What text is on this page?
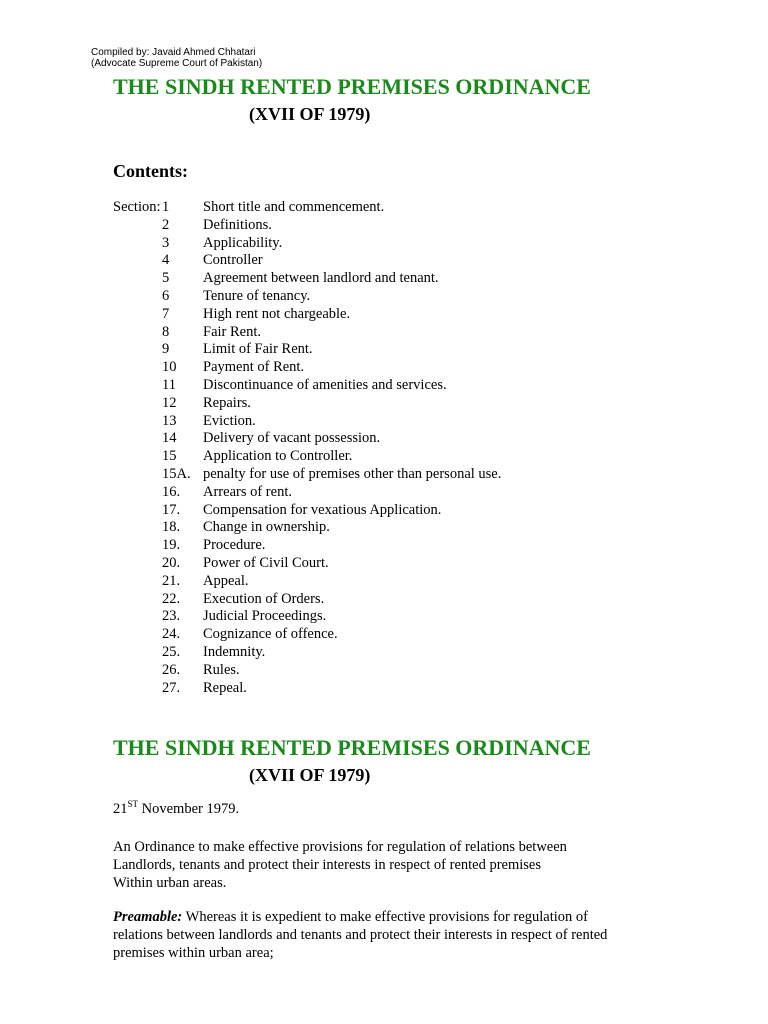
Compiled by: Javaid Ahmed Chhatari
(Advocate Supreme Court of Pakistan)
THE SINDH RENTED PREMISES ORDINANCE
(XVII OF 1979)
Contents:
Section: 1 Short title and commencement.
2 Definitions.
3 Applicability.
4 Controller
5 Agreement between landlord and tenant.
6 Tenure of tenancy.
7 High rent not chargeable.
8 Fair Rent.
9 Limit of Fair Rent.
10 Payment of Rent.
11 Discontinuance of amenities and services.
12 Repairs.
13 Eviction.
14 Delivery of vacant possession.
15 Application to Controller.
15A. penalty for use of premises other than personal use.
16. Arrears of rent.
17. Compensation for vexatious Application.
18. Change in ownership.
19. Procedure.
20. Power of Civil Court.
21. Appeal.
22. Execution of Orders.
23. Judicial Proceedings.
24. Cognizance of offence.
25. Indemnity.
26. Rules.
27. Repeal.
THE SINDH RENTED PREMISES ORDINANCE
(XVII OF 1979)
21ST November 1979.
An Ordinance to make effective provisions for regulation of relations between
Landlords, tenants and protect their interests in respect of rented premises
Within urban areas.
Preamable: Whereas it is expedient to make effective provisions for regulation of relations between landlords and tenants and protect their interests in respect of rented premises within urban area;
